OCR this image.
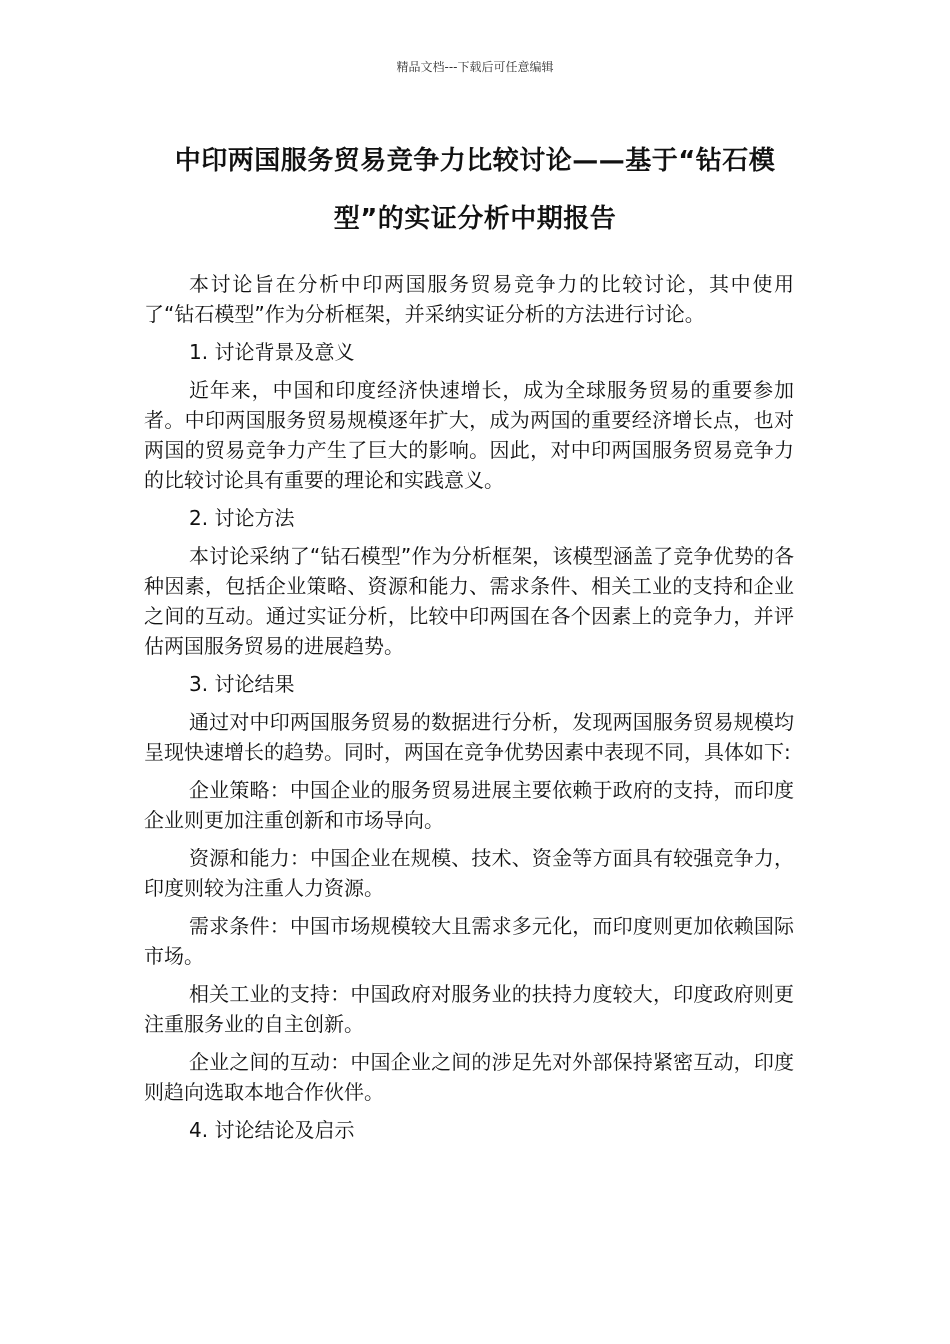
精品文档---下载后可任意编辑
中印两国服务贸易竞争力比较讨论——基于“钻石模型”的实证分析中期报告

本讨论旨在分析中印两国服务贸易竞争力的比较讨论，其中使用了“钻石模型”作为分析框架，并采纳实证分析的方法进行讨论。

1. 讨论背景及意义

近年来，中国和印度经济快速增长，成为全球服务贸易的重要参加者。中印两国服务贸易规模逐年扩大，成为两国的重要经济增长点，也对两国的贸易竞争力产生了巨大的影响。因此，对中印两国服务贸易竞争力的比较讨论具有重要的理论和实践意义。

2. 讨论方法

本讨论采纳了“钻石模型”作为分析框架，该模型涵盖了竞争优势的各种因素，包括企业策略、资源和能力、需求条件、相关工业的支持和企业之间的互动。通过实证分析，比较中印两国在各个因素上的竞争力，并评估两国服务贸易的进展趋势。

3. 讨论结果

通过对中印两国服务贸易的数据进行分析，发现两国服务贸易规模均呈现快速增长的趋势。同时，两国在竞争优势因素中表现不同，具体如下:

企业策略：中国企业的服务贸易进展主要依赖于政府的支持，而印度企业则更加注重创新和市场导向。

资源和能力：中国企业在规模、技术、资金等方面具有较强竞争力，印度则较为注重人力资源。

需求条件：中国市场规模较大且需求多元化，而印度则更加依赖国际市场。

相关工业的支持：中国政府对服务业的扶持力度较大，印度政府则更注重服务业的自主创新。

企业之间的互动：中国企业之间的涉足先对外部保持紧密互动，印度则趋向选取本地合作伙伴。

4. 讨论结论及启示
